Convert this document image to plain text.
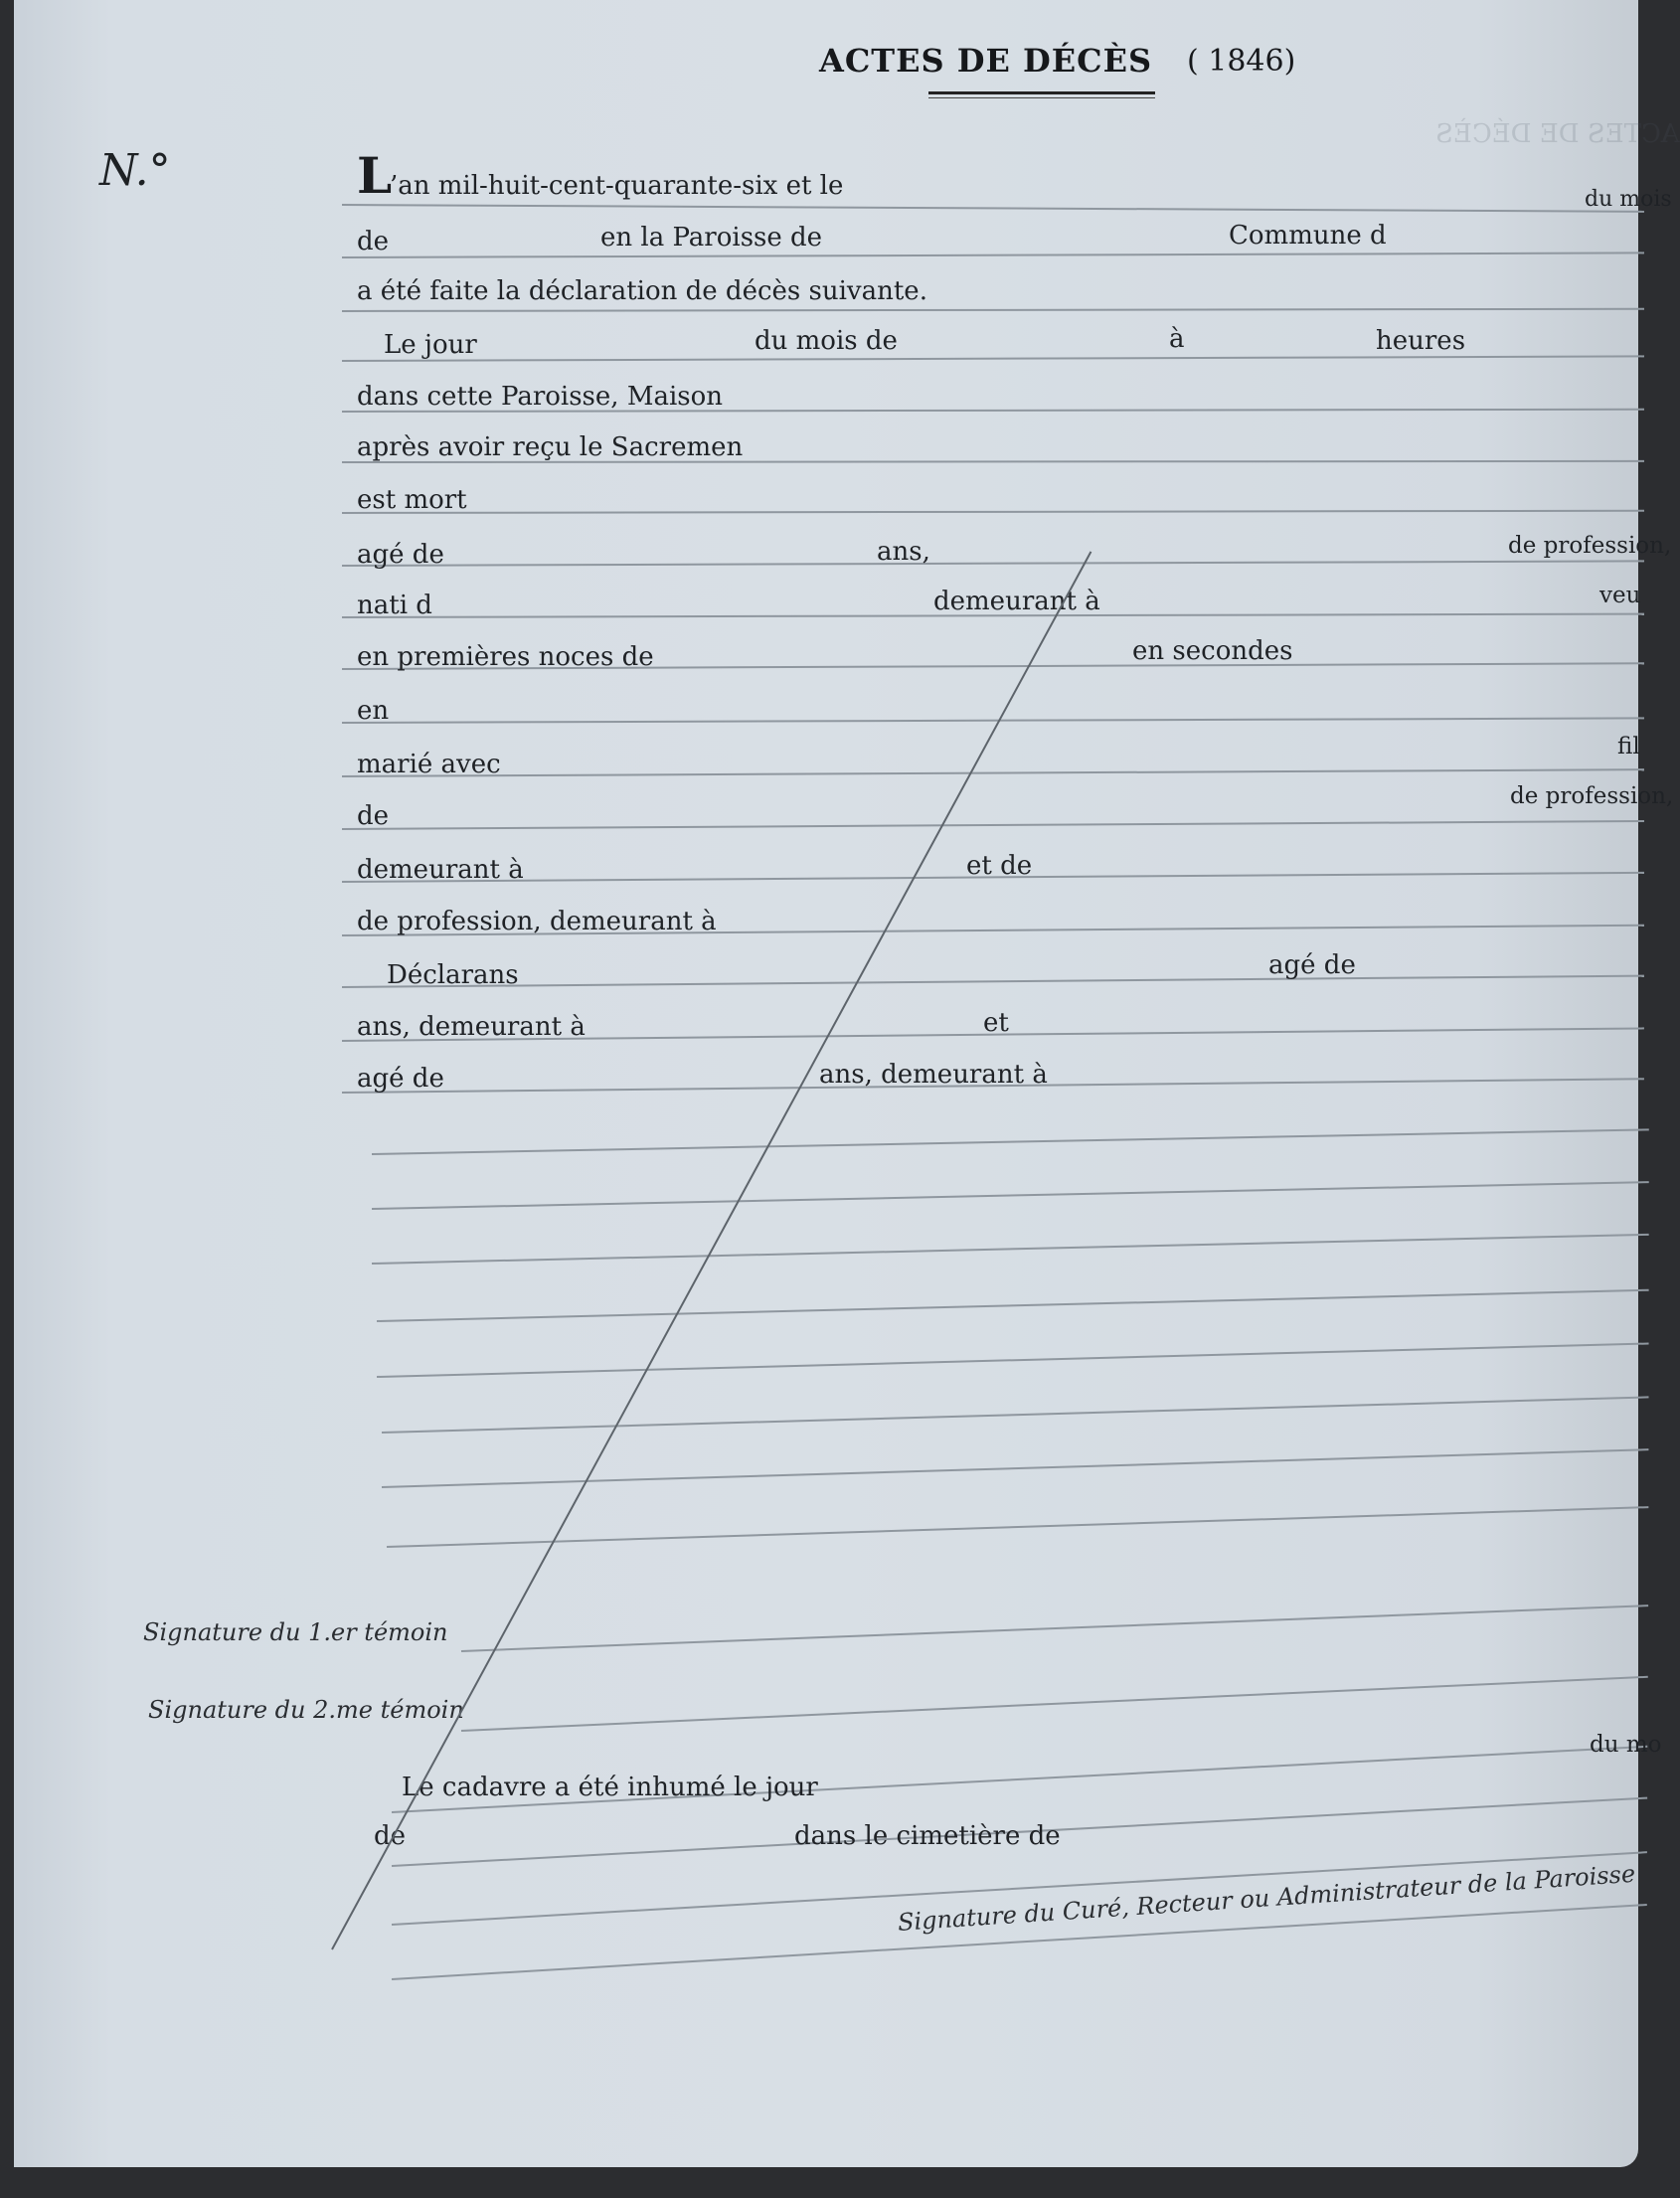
ACTES DE DÉCÈS
ACTES DE DÉCÈS ( 1846)
N.°	L
’an mil-huit-cent-quarante-six et le	du mois
de	en la Paroisse de	Commune d
a été faite la déclaration de décès suivante.
Le jour	du mois de	à	heures
dans cette Paroisse, Maison
après avoir reçu le Sacremen
est mort
agé de	ans,	de profession,
nati d	demeurant à	veu
en premières noces de	en secondes
en
marié avec
fil
de
de profession,
demeurant à	et de
de profession, demeurant à
Déclarans	agé de
ans, demeurant à	et
agé de	ans, demeurant à
Signature du 1.er témoin
Signature du 2.me témoin
Le cadavre a été inhumé le jour
du mo
de	dans le cimetière de
Signature du Curé, Recteur ou Administrateur de la Paroisse
